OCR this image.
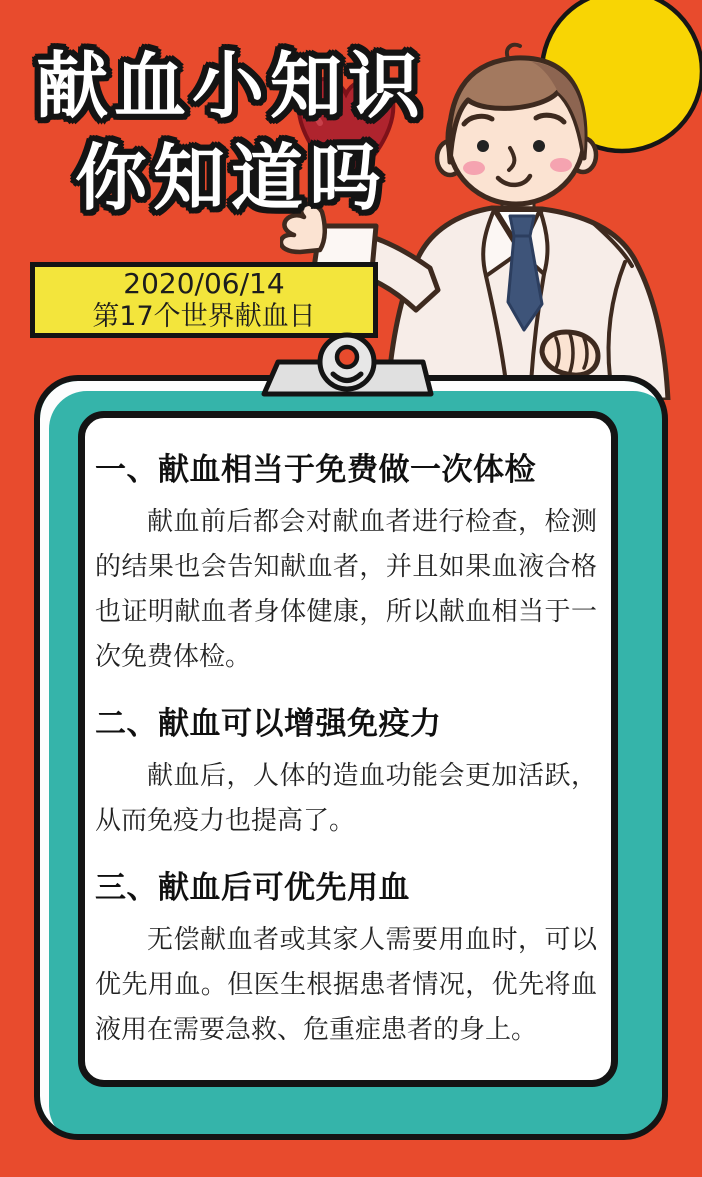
献血小知识
你知道吗
2020/06/14
第17个世界献血日
一、献血相当于免费做一次体检

献血前后都会对献血者进行检查，检测的结果也会告知献血者，并且如果血液合格也证明献血者身体健康，所以献血相当于一次免费体检。

二、献血可以增强免疫力

献血后，人体的造血功能会更加活跃，从而免疫力也提高了。

三、献血后可优先用血

无偿献血者或其家人需要用血时，可以优先用血。但医生根据患者情况，优先将血液用在需要急救、危重症患者的身上。
